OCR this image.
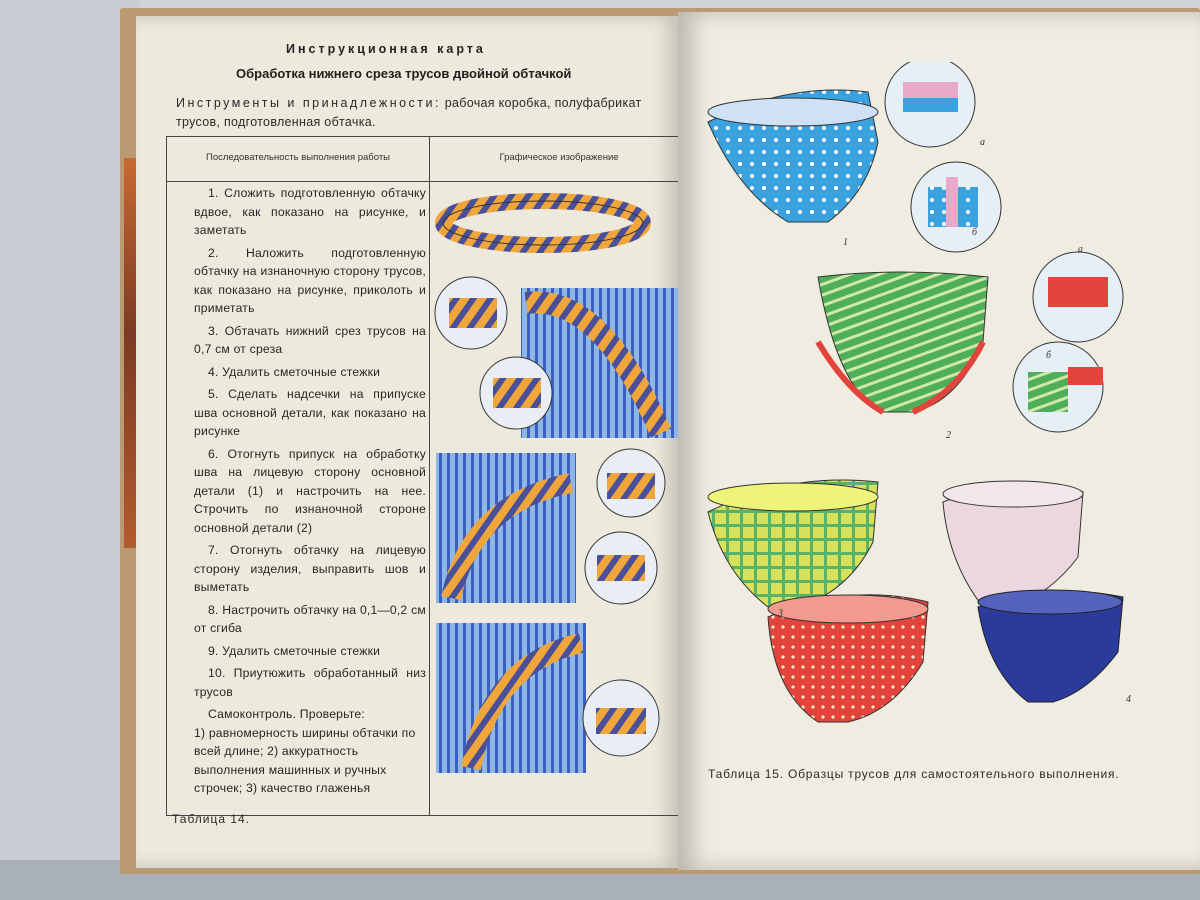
Инструкционная карта
Обработка нижнего среза трусов двойной обтачкой
Инструменты и принадлежности: рабочая коробка, полуфабрикат трусов, подготовленная обтачка.
Последовательность выполнения работы	Графическое изображение

1. Сложить подготовленную обтачку вдвое, как показано на рисунке, и заметать

2. Наложить подготовленную обтачку на изнаночную сторону трусов, как показано на рисунке, приколоть и приметать

3. Обтачать нижний срез трусов на 0,7 см от среза

4. Удалить сметочные стежки

5. Сделать надсечки на припуске шва основной детали, как показано на рисунке

6. Отогнуть припуск на обработку шва на лицевую сторону основной детали (1) и настрочить на нее. Строчить по изнаночной стороне основной детали (2)

7. Отогнуть обтачку на лицевую сторону изделия, выправить шов и выметать

8. Настрочить обтачку на 0,1—0,2 см от сгиба

9. Удалить сметочные стежки

10. Приутюжить обработанный низ трусов

Самоконтроль. Проверьте:

1) равномерность ширины обтачки по всей длине; 2) аккуратность выполнения машинных и ручных строчек; 3) качество глаженья

Таблица 14.
1
а
б
2
а
б
3
4
Таблица 15. Образцы трусов для самостоятельного выполнения.
